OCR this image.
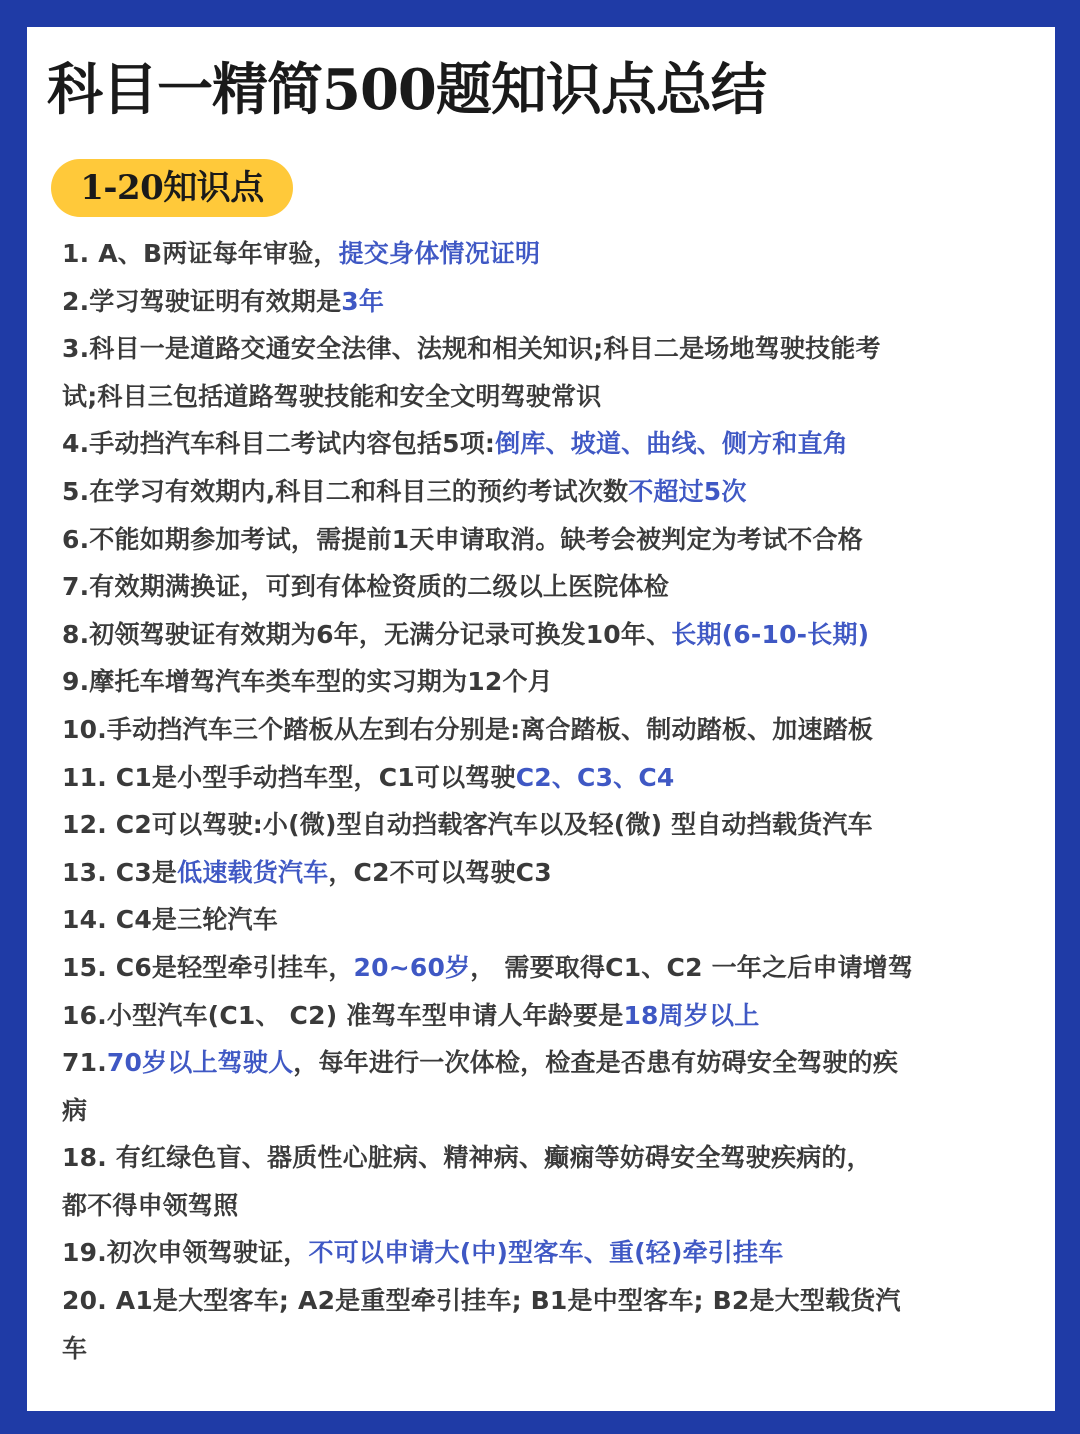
科目一精简500题知识点总结
1-20知识点
1. A、B两证每年审验，提交身体情况证明
2.学习驾驶证明有效期是3年
3.科目一是道路交通安全法律、法规和相关知识;科目二是场地驾驶技能考
试;科目三包括道路驾驶技能和安全文明驾驶常识
4.手动挡汽车科目二考试内容包括5项:倒库、坡道、曲线、侧方和直角
5.在学习有效期内,科目二和科目三的预约考试次数不超过5次
6.不能如期参加考试，需提前1天申请取消。缺考会被判定为考试不合格
7.有效期满换证，可到有体检资质的二级以上医院体检
8.初领驾驶证有效期为6年，无满分记录可换发10年、长期(6-10-长期)
9.摩托车增驾汽车类车型的实习期为12个月
10.手动挡汽车三个踏板从左到右分别是:离合踏板、制动踏板、加速踏板
11. C1是小型手动挡车型，C1可以驾驶C2、C3、C4
12. C2可以驾驶:小(微)型自动挡载客汽车以及轻(微) 型自动挡载货汽车
13. C3是低速载货汽车，C2不可以驾驶C3
14. C4是三轮汽车
15. C6是轻型牵引挂车，20~60岁， 需要取得C1、C2 一年之后申请增驾
16.小型汽车(C1、 C2) 准驾车型申请人年龄要是18周岁以上
71.70岁以上驾驶人，每年进行一次体检，检查是否患有妨碍安全驾驶的疾
病
18. 有红绿色盲、器质性心脏病、精神病、癫痫等妨碍安全驾驶疾病的，
都不得申领驾照
19.初次申领驾驶证，不可以申请大(中)型客车、重(轻)牵引挂车
20. A1是大型客车; A2是重型牵引挂车; B1是中型客车; B2是大型载货汽
车
